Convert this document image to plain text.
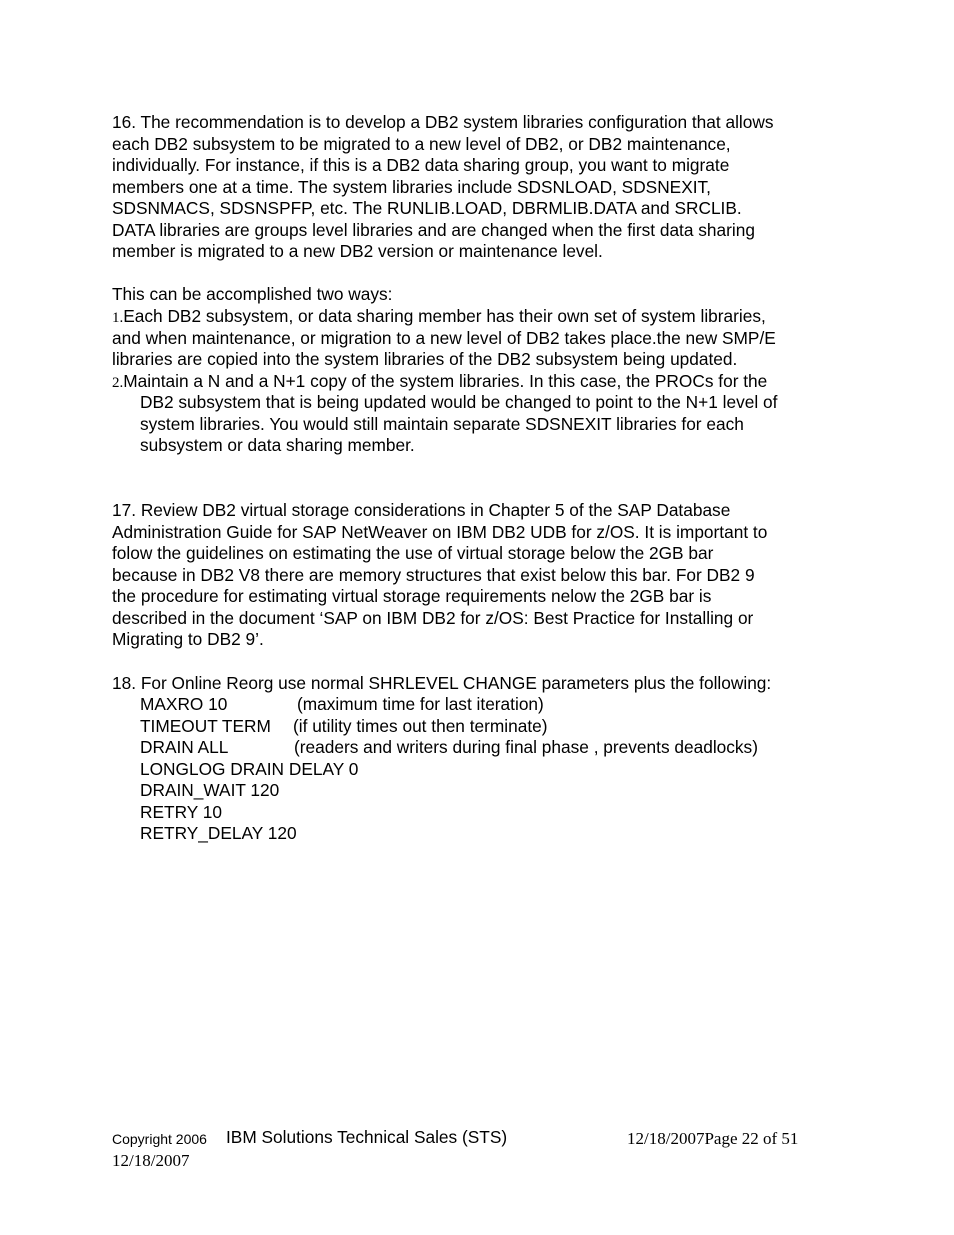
16. The recommendation is to develop a DB2 system libraries configuration that allows
each DB2 subsystem to be migrated to a new level of DB2, or DB2 maintenance,
individually. For instance, if this is a DB2 data sharing group, you want to migrate
members one at a time. The system libraries include SDSNLOAD, SDSNEXIT,
SDSNMACS, SDSNSPFP, etc. The RUNLIB.LOAD, DBRMLIB.DATA and SRCLIB.
DATA libraries are groups level libraries and are changed when the first data sharing
member is migrated to a new DB2 version or maintenance level.
This can be accomplished two ways:
1.Each DB2 subsystem, or data sharing member has their own set of system libraries,
and when maintenance, or migration to a new level of DB2 takes place.the new SMP/E
libraries are copied into the system libraries of the DB2 subsystem being updated.
2.Maintain a N and a N+1 copy of the system libraries. In this case, the PROCs for the
DB2 subsystem that is being updated would be changed to point to the N+1 level of
system libraries. You would still maintain separate SDSNEXIT libraries for each
subsystem or data sharing member.
17. Review DB2 virtual storage considerations in Chapter 5 of the SAP Database
Administration Guide for SAP NetWeaver on IBM DB2 UDB for z/OS. It is important to
folow the guidelines on estimating the use of virtual storage below the 2GB bar
because in DB2 V8 there are memory structures that exist below this bar. For DB2 9
the procedure for estimating virtual storage requirements nelow the 2GB bar is
described in the document ‘SAP on IBM DB2 for z/OS: Best Practice for Installing or
Migrating to DB2 9’.
18. For Online Reorg use normal SHRLEVEL CHANGE parameters plus the following:
MAXRO 10	(maximum time for last iteration)
TIMEOUT TERM (if utility times out then terminate)
DRAIN ALL	(readers and writers during final phase , prevents deadlocks)
LONGLOG DRAIN DELAY 0
DRAIN_WAIT 120
RETRY 10
RETRY_DELAY 120
Copyright 2006 IBM Solutions Technical Sales (STS)	12/18/2007Page 22 of 51
12/18/2007
